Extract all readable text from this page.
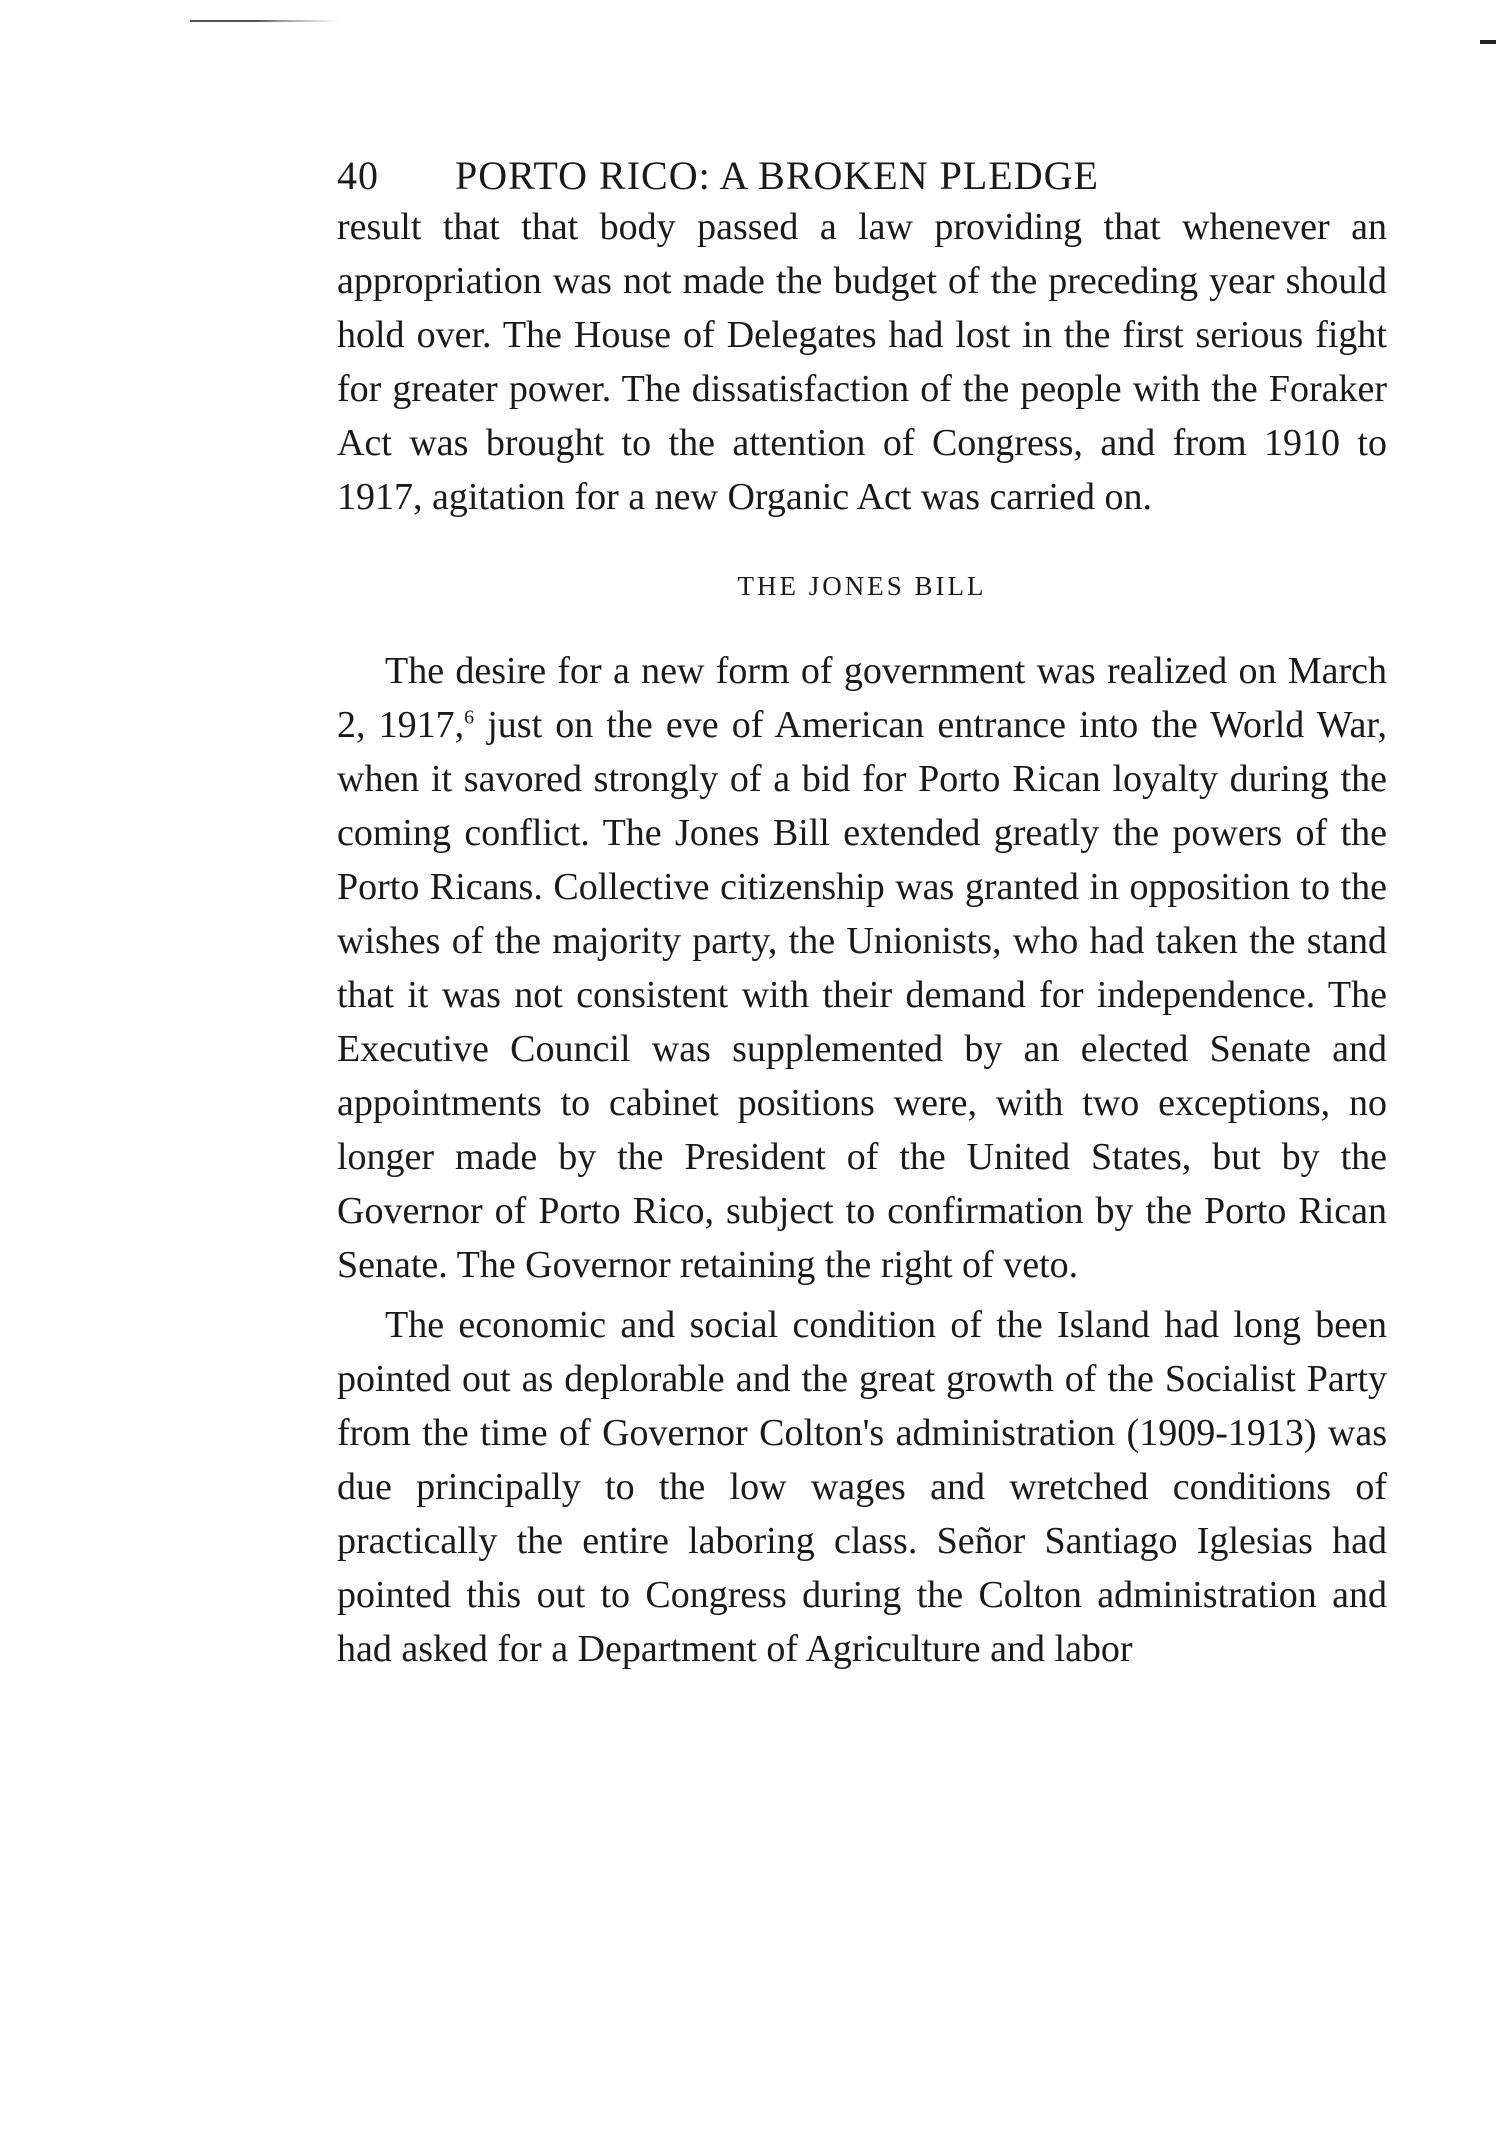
40	PORTO RICO: A BROKEN PLEDGE

result that that body passed a law providing that whenever an appropriation was not made the budget of the preceding year should hold over. The House of Delegates had lost in the first serious fight for greater power. The dissatisfaction of the people with the Foraker Act was brought to the attention of Congress, and from 1910 to 1917, agitation for a new Organic Act was carried on.

THE JONES BILL

The desire for a new form of government was realized on March 2, 1917,$^6$ just on the eve of American entrance into the World War, when it savored strongly of a bid for Porto Rican loyalty during the coming conflict. The Jones Bill extended greatly the powers of the Porto Ricans. Collective citizenship was granted in opposition to the wishes of the majority party, the Unionists, who had taken the stand that it was not consistent with their demand for independence. The Executive Council was supplemented by an elected Senate and appointments to cabinet positions were, with two exceptions, no longer made by the President of the United States, but by the Governor of Porto Rico, subject to confirmation by the Porto Rican Senate. The Governor retaining the right of veto.

The economic and social condition of the Island had long been pointed out as deplorable and the great growth of the Socialist Party from the time of Governor Colton's administration (1909-1913) was due principally to the low wages and wretched conditions of practically the entire laboring class. Señor Santiago Iglesias had pointed this out to Congress during the Colton administration and had asked for a Department of Agriculture and labor
